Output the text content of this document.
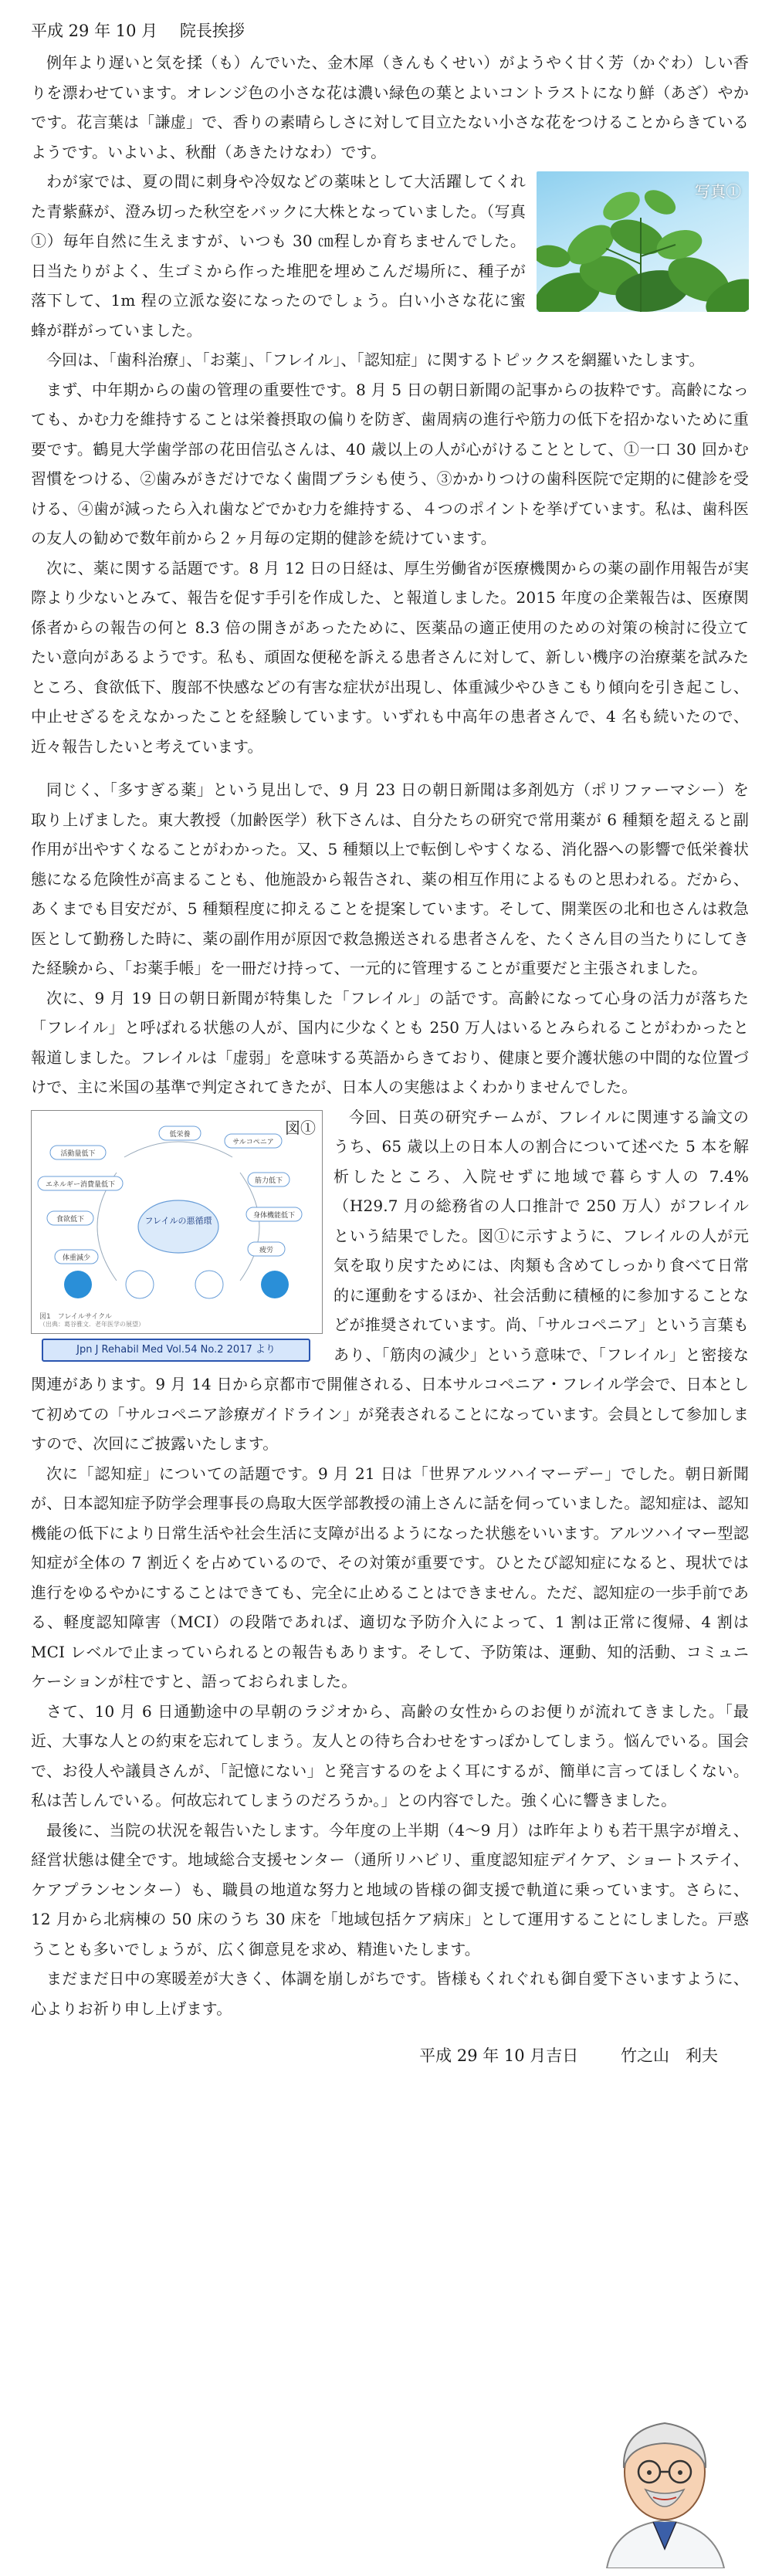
平成 29 年 10 月 院長挨拶

例年より遅いと気を揉（も）んでいた、金木犀（きんもくせい）がようやく甘く芳（かぐわ）しい香りを漂わせています。オレンジ色の小さな花は濃い緑色の葉とよいコントラストになり鮮（あざ）やかです。花言葉は「謙虚」で、香りの素晴らしさに対して目立たない小さな花をつけることからきているようです。いよいよ、秋酣（あきたけなわ）です。

写真①

わが家では、夏の間に刺身や冷奴などの薬味として大活躍してくれた青紫蘇が、澄み切った秋空をバックに大株となっていました。（写真①）毎年自然に生えますが、いつも 30 ㎝程しか育ちませんでした。日当たりがよく、生ゴミから作った堆肥を埋めこんだ場所に、種子が落下して、1m 程の立派な姿になったのでしょう。白い小さな花に蜜蜂が群がっていました。

今回は、「歯科治療」、「お薬」、「フレイル」、「認知症」に関するトピックスを網羅いたします。

まず、中年期からの歯の管理の重要性です。8 月 5 日の朝日新聞の記事からの抜粋です。高齢になっても、かむ力を維持することは栄養摂取の偏りを防ぎ、歯周病の進行や筋力の低下を招かないために重要です。鶴見大学歯学部の花田信弘さんは、40 歳以上の人が心がけることとして、①一口 30 回かむ習慣をつける、②歯みがきだけでなく歯間ブラシも使う、③かかりつけの歯科医院で定期的に健診を受ける、④歯が減ったら入れ歯などでかむ力を維持する、４つのポイントを挙げています。私は、歯科医の友人の勧めで数年前から２ヶ月毎の定期的健診を続けています。

次に、薬に関する話題です。8 月 12 日の日経は、厚生労働省が医療機関からの薬の副作用報告が実際より少ないとみて、報告を促す手引を作成した、と報道しました。2015 年度の企業報告は、医療関係者からの報告の何と 8.3 倍の開きがあったために、医薬品の適正使用のための対策の検討に役立てたい意向があるようです。私も、頑固な便秘を訴える患者さんに対して、新しい機序の治療薬を試みたところ、食欲低下、腹部不快感などの有害な症状が出現し、体重減少やひきこもり傾向を引き起こし、中止せざるをえなかったことを経験しています。いずれも中高年の患者さんで、4 名も続いたので、近々報告したいと考えています。

同じく、「多すぎる薬」という見出しで、9 月 23 日の朝日新聞は多剤処方（ポリファーマシー）を取り上げました。東大教授（加齢医学）秋下さんは、自分たちの研究で常用薬が 6 種類を超えると副作用が出やすくなることがわかった。又、5 種類以上で転倒しやすくなる、消化器への影響で低栄養状態になる危険性が高まることも、他施設から報告され、薬の相互作用によるものと思われる。だから、あくまでも目安だが、5 種類程度に抑えることを提案しています。そして、開業医の北和也さんは救急医として勤務した時に、薬の副作用が原因で救急搬送される患者さんを、たくさん目の当たりにしてきた経験から、「お薬手帳」を一冊だけ持って、一元的に管理することが重要だと主張されました。

次に、9 月 19 日の朝日新聞が特集した「フレイル」の話です。高齢になって心身の活力が落ちた「フレイル」と呼ばれる状態の人が、国内に少なくとも 250 万人はいるとみられることがわかったと報道しました。フレイルは「虚弱」を意味する英語からきており、健康と要介護状態の中間的な位置づけで、主に米国の基準で判定されてきたが、日本人の実態はよくわかりませんでした。

低栄養
サルコペニア
筋力低下
身体機能低下
活動量低下
エネルギー消費量低下
食欲低下
疲労
フレイルの悪循環
体重減少
図①
図1　フレイルサイクル
（出典：葛谷雅文．老年医学の展望）
Jpn J Rehabil Med Vol.54 No.2 2017 より

今回、日英の研究チームが、フレイルに関連する論文のうち、65 歳以上の日本人の割合について述べた 5 本を解析したところ、入院せずに地域で暮らす人の 7.4%（H29.7 月の総務省の人口推計で 250 万人）がフレイルという結果でした。図①に示すように、フレイルの人が元気を取り戻すためには、肉類も含めてしっかり食べて日常的に運動をするほか、社会活動に積極的に参加することなどが推奨されています。尚、「サルコペニア」という言葉もあり、「筋肉の減少」という意味で、「フレイル」と密接な関連があります。9 月 14 日から京都市で開催される、日本サルコペニア・フレイル学会で、日本として初めての「サルコペニア診療ガイドライン」が発表されることになっています。会員として参加しますので、次回にご披露いたします。

次に「認知症」についての話題です。9 月 21 日は「世界アルツハイマーデー」でした。朝日新聞が、日本認知症予防学会理事長の鳥取大医学部教授の浦上さんに話を伺っていました。認知症は、認知機能の低下により日常生活や社会生活に支障が出るようになった状態をいいます。アルツハイマー型認知症が全体の 7 割近くを占めているので、その対策が重要です。ひとたび認知症になると、現状では進行をゆるやかにすることはできても、完全に止めることはできません。ただ、認知症の一歩手前である、軽度認知障害（MCI）の段階であれば、適切な予防介入によって、1 割は正常に復帰、4 割は MCI レベルで止まっていられるとの報告もあります。そして、予防策は、運動、知的活動、コミュニケーションが柱ですと、語っておられました。

さて、10 月 6 日通勤途中の早朝のラジオから、高齢の女性からのお便りが流れてきました。「最近、大事な人との約束を忘れてしまう。友人との待ち合わせをすっぽかしてしまう。悩んでいる。国会で、お役人や議員さんが、「記憶にない」と発言するのをよく耳にするが、簡単に言ってほしくない。私は苦しんでいる。何故忘れてしまうのだろうか。」との内容でした。強く心に響きました。

最後に、当院の状況を報告いたします。今年度の上半期（4～9 月）は昨年よりも若干黒字が増え、経営状態は健全です。地域総合支援センター（通所リハビリ、重度認知症デイケア、ショートステイ、ケアプランセンター）も、職員の地道な努力と地域の皆様の御支援で軌道に乗っています。さらに、12 月から北病棟の 50 床のうち 30 床を「地域包括ケア病床」として運用することにしました。戸惑うことも多いでしょうが、広く御意見を求め、精進いたします。

まだまだ日中の寒暖差が大きく、体調を崩しがちです。皆様もくれぐれも御自愛下さいますように、心よりお祈り申し上げます。

平成 29 年 10 月吉日	竹之山　利夫
